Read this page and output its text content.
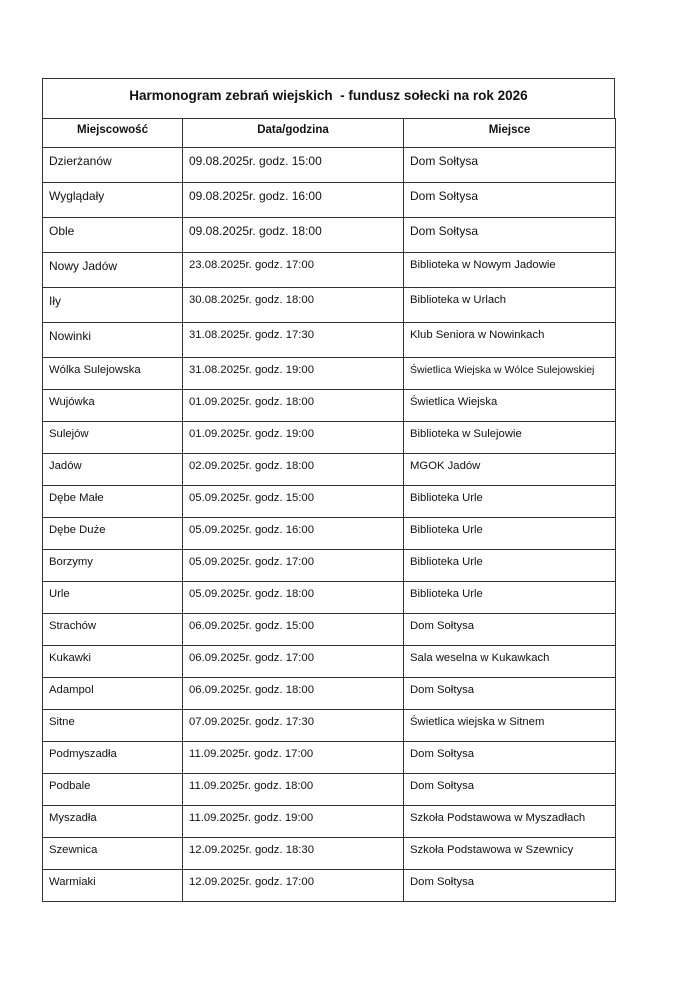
Harmonogram zebrań wiejskich  - fundusz sołecki na rok 2026
Miejscowość	Data/godzina	Miejsce
Dzierżanów	09.08.2025r. godz. 15:00	Dom Sołtysa
Wyglądały	09.08.2025r. godz. 16:00	Dom Sołtysa
Oble	09.08.2025r. godz. 18:00	Dom Sołtysa
Nowy Jadów	23.08.2025r. godz. 17:00	Biblioteka w Nowym Jadowie
Iły	30.08.2025r. godz. 18:00	Biblioteka w Urlach
Nowinki	31.08.2025r. godz. 17:30	Klub Seniora w Nowinkach
Wólka Sulejowska	31.08.2025r. godz. 19:00	Świetlica Wiejska w Wólce Sulejowskiej
Wujówka	01.09.2025r. godz. 18:00	Świetlica Wiejska
Sulejów	01.09.2025r. godz. 19:00	Biblioteka w Sulejowie
Jadów	02.09.2025r. godz. 18:00	MGOK Jadów
Dębe Małe	05.09.2025r. godz. 15:00	Biblioteka Urle
Dębe Duże	05.09.2025r. godz. 16:00	Biblioteka Urle
Borzymy	05.09.2025r. godz. 17:00	Biblioteka Urle
Urle	05.09.2025r. godz. 18:00	Biblioteka Urle
Strachów	06.09.2025r. godz. 15:00	Dom Sołtysa
Kukawki	06.09.2025r. godz. 17:00	Sala weselna w Kukawkach
Adampol	06.09.2025r. godz. 18:00	Dom Sołtysa
Sitne	07.09.2025r. godz. 17:30	Świetlica wiejska w Sitnem
Podmyszadła	11.09.2025r. godz. 17:00	Dom Sołtysa
Podbale	11.09.2025r. godz. 18:00	Dom Sołtysa
Myszadła	11.09.2025r. godz. 19:00	Szkoła Podstawowa w Myszadłach
Szewnica	12.09.2025r. godz. 18:30	Szkoła Podstawowa w Szewnicy
Warmiaki	12.09.2025r. godz. 17:00	Dom Sołtysa
